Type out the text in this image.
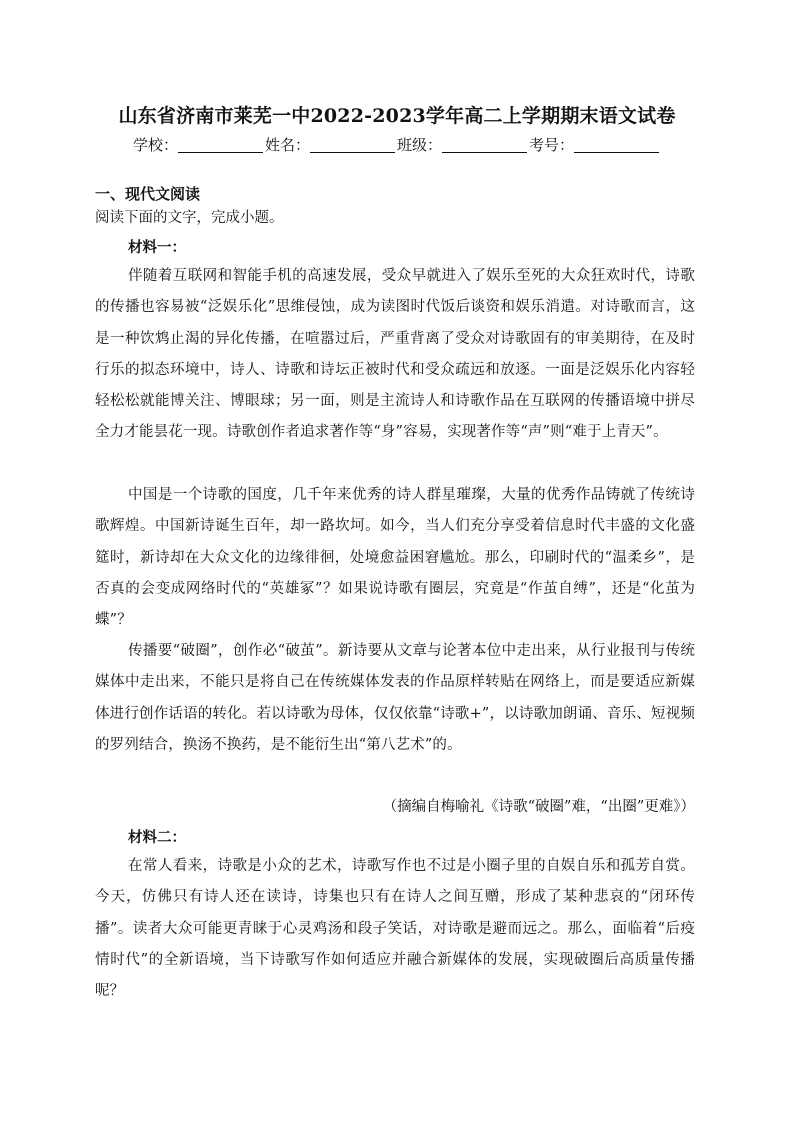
山东省济南市莱芜一中2022-2023学年高二上学期期末语文试卷
学校：	姓名：	班级：	考号：
一、现代文阅读
阅读下面的文字，完成小题。
材料一：

伴随着互联网和智能手机的高速发展，受众早就进入了娱乐至死的大众狂欢时代，诗歌的传播也容易被“泛娱乐化”思维侵蚀，成为读图时代饭后谈资和娱乐消遣。对诗歌而言，这是一种饮鸩止渴的异化传播，在喧嚣过后，严重背离了受众对诗歌固有的审美期待，在及时行乐的拟态环境中，诗人、诗歌和诗坛正被时代和受众疏远和放逐。一面是泛娱乐化内容轻轻松松就能博关注、博眼球；另一面，则是主流诗人和诗歌作品在互联网的传播语境中拼尽全力才能昙花一现。诗歌创作者追求著作等“身”容易，实现著作等“声”则“难于上青天”。

中国是一个诗歌的国度，几千年来优秀的诗人群星璀璨，大量的优秀作品铸就了传统诗歌辉煌。中国新诗诞生百年，却一路坎坷。如今，当人们充分享受着信息时代丰盛的文化盛筵时，新诗却在大众文化的边缘徘徊，处境愈益困窘尴尬。那么，印刷时代的“温柔乡”，是否真的会变成网络时代的“英雄冢”？如果说诗歌有圈层，究竟是“作茧自缚”，还是“化茧为蝶”？

传播要“破圈”，创作必“破茧”。新诗要从文章与论著本位中走出来，从行业报刊与传统媒体中走出来，不能只是将自己在传统媒体发表的作品原样转贴在网络上，而是要适应新媒体进行创作话语的转化。若以诗歌为母体，仅仅依靠“诗歌+”，以诗歌加朗诵、音乐、短视频的罗列结合，换汤不换药，是不能衍生出“第八艺术”的。

（摘编自梅喻礼《诗歌“破圈”难，“出圈”更难》）
材料二：

在常人看来，诗歌是小众的艺术，诗歌写作也不过是小圈子里的自娱自乐和孤芳自赏。今天，仿佛只有诗人还在读诗，诗集也只有在诗人之间互赠，形成了某种悲哀的“闭环传播”。读者大众可能更青睐于心灵鸡汤和段子笑话，对诗歌是避而远之。那么，面临着“后疫情时代”的全新语境，当下诗歌写作如何适应并融合新媒体的发展，实现破圈后高质量传播呢？
